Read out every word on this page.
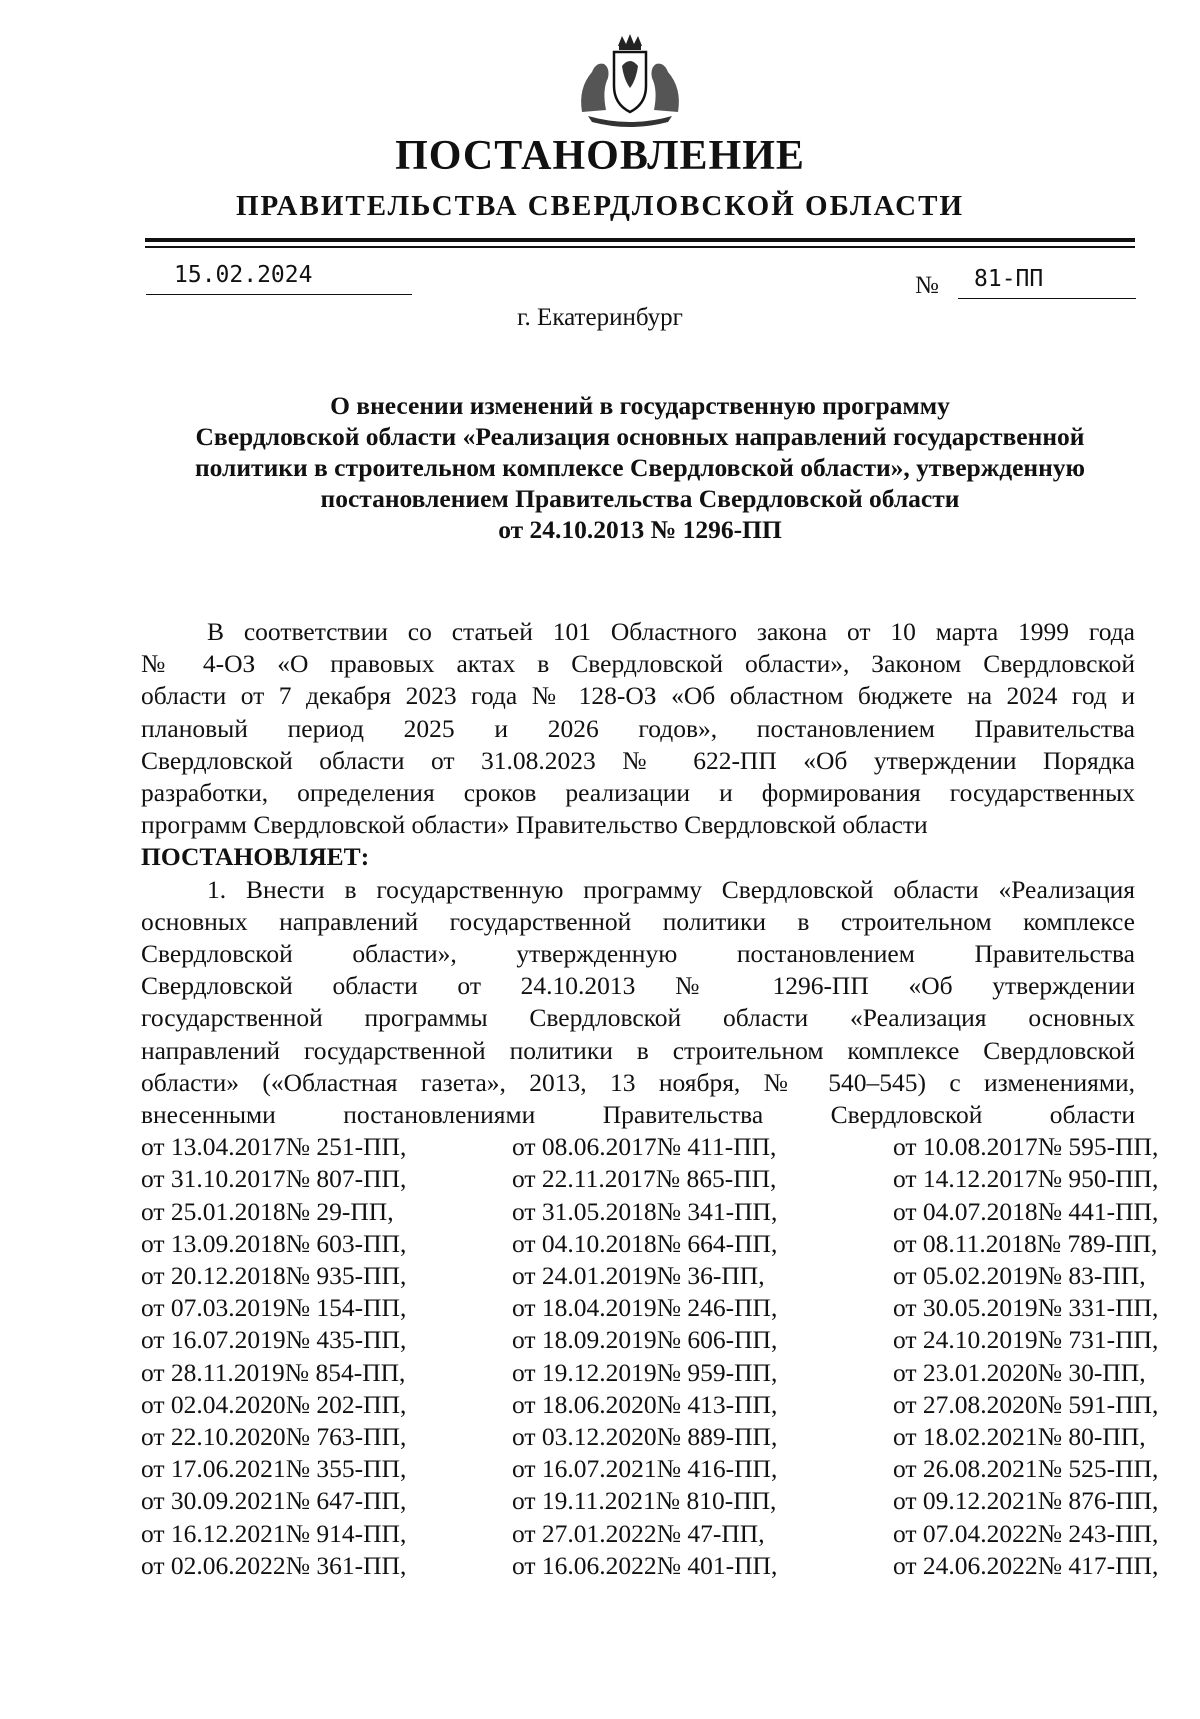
ПОСТАНОВЛЕНИЕ
ПРАВИТЕЛЬСТВА СВЕРДЛОВСКОЙ ОБЛАСТИ
15.02.2024	№ 81-ПП
г. Екатеринбург
О внесении изменений в государственную программу
Свердловской области «Реализация основных направлений государственной
политики в строительном комплексе Свердловской области», утвержденную
постановлением Правительства Свердловской области
от 24.10.2013 № 1296-ПП
В соответствии со статьей 101 Областного закона от 10 марта 1999 года
№ 4-ОЗ «О правовых актах в Свердловской области», Законом Свердловской
области от 7 декабря 2023 года № 128-ОЗ «Об областном бюджете на 2024 год и
плановый период 2025 и 2026 годов», постановлением Правительства
Свердловской области от 31.08.2023 № 622-ПП «Об утверждении Порядка
разработки, определения сроков реализации и формирования государственных
программ Свердловской области» Правительство Свердловской области
ПОСТАНОВЛЯЕТ:
1. Внести в государственную программу Свердловской области «Реализация
основных направлений государственной политики в строительном комплексе
Свердловской области», утвержденную постановлением Правительства
Свердловской области от 24.10.2013 № 1296-ПП «Об утверждении
государственной программы Свердловской области «Реализация основных
направлений государственной политики в строительном комплексе Свердловской
области» («Областная газета», 2013, 13 ноября, № 540–545) с изменениями,
внесенными постановлениями Правительства Свердловской области
от 13.04.2017 № 251-ПП,	от 08.06.2017 № 411-ПП,	от 10.08.2017 № 595-ПП,
от 31.10.2017 № 807-ПП,	от 22.11.2017 № 865-ПП,	от 14.12.2017 № 950-ПП,
от 25.01.2018 № 29-ПП,	от 31.05.2018 № 341-ПП,	от 04.07.2018 № 441-ПП,
от 13.09.2018 № 603-ПП,	от 04.10.2018 № 664-ПП,	от 08.11.2018 № 789-ПП,
от 20.12.2018 № 935-ПП,	от 24.01.2019 № 36-ПП,	от 05.02.2019 № 83-ПП,
от 07.03.2019 № 154-ПП,	от 18.04.2019 № 246-ПП,	от 30.05.2019 № 331-ПП,
от 16.07.2019 № 435-ПП,	от 18.09.2019 № 606-ПП,	от 24.10.2019 № 731-ПП,
от 28.11.2019 № 854-ПП,	от 19.12.2019 № 959-ПП,	от 23.01.2020 № 30-ПП,
от 02.04.2020 № 202-ПП,	от 18.06.2020 № 413-ПП,	от 27.08.2020 № 591-ПП,
от 22.10.2020 № 763-ПП,	от 03.12.2020 № 889-ПП,	от 18.02.2021 № 80-ПП,
от 17.06.2021 № 355-ПП,	от 16.07.2021 № 416-ПП,	от 26.08.2021 № 525-ПП,
от 30.09.2021 № 647-ПП,	от 19.11.2021 № 810-ПП,	от 09.12.2021 № 876-ПП,
от 16.12.2021 № 914-ПП,	от 27.01.2022 № 47-ПП,	от 07.04.2022 № 243-ПП,
от 02.06.2022 № 361-ПП,	от 16.06.2022 № 401-ПП,	от 24.06.2022 № 417-ПП,
